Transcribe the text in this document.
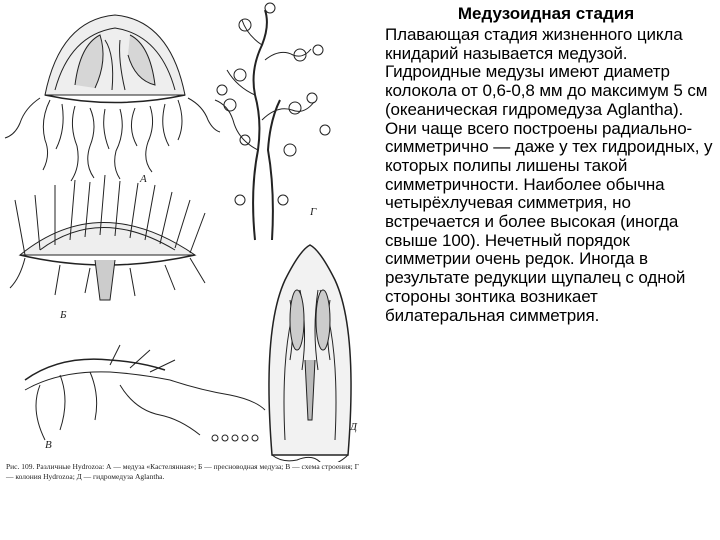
А
Б
В
Г
Д
Рис. 109. Различные Hydrozoa: А — медуза «Кастелянная»; Б — пресноводная медуза; В — схема строения; Г — колония Hydrozoa; Д — гидромедуза Aglantha.
Медузоидная стадия
Плавающая стадия жизненного цикла книдарий называется медузой. Гидроидные медузы имеют диаметр колокола от 0,6-0,8 мм до максимум 5 см (океаническая гидромедуза Aglantha). Они чаще всего построены радиально-симметрично — даже у тех гидроидных, у которых полипы лишены такой симметричности. Наиболее обычна четырёхлучевая симметрия, но встречается и более высокая (иногда свыше 100). Нечетный порядок симметрии очень редок. Иногда в результате редукции щупалец с одной стороны зонтика возникает билатеральная симметрия.
